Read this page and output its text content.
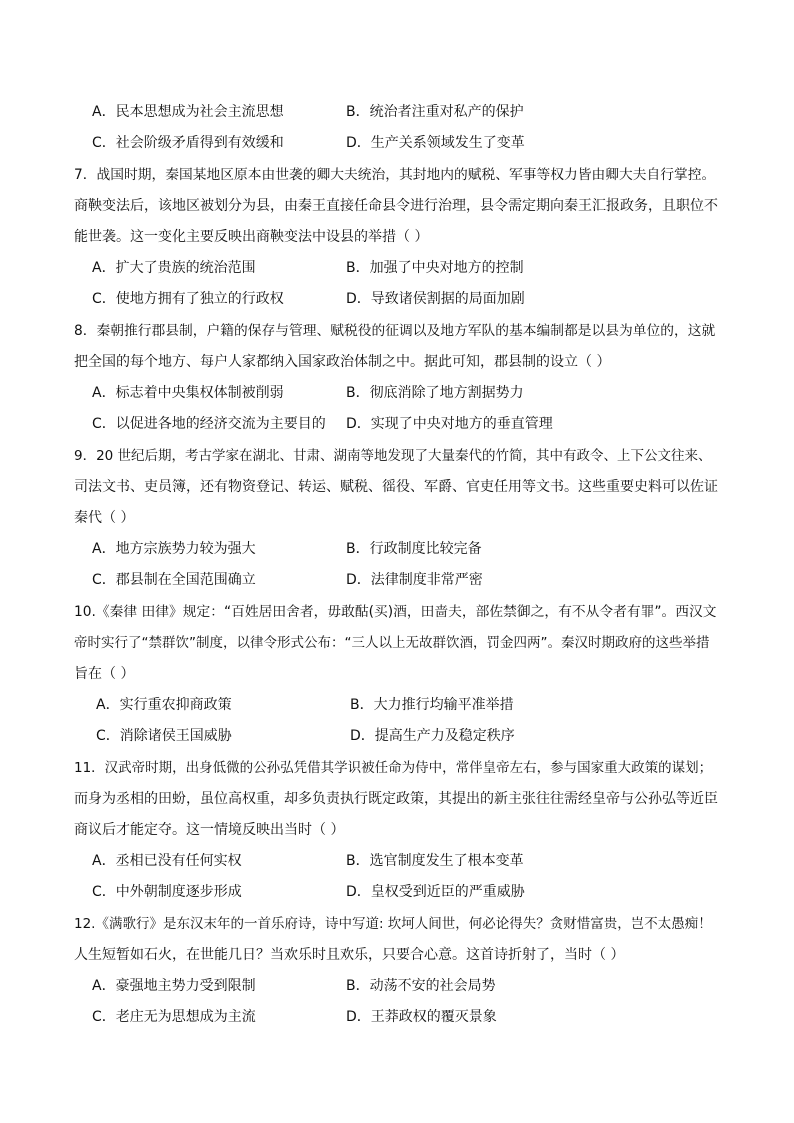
A．民本思想成为社会主流思想	B．统治者注重对私产的保护
C．社会阶级矛盾得到有效缓和	D．生产关系领域发生了变革
7．战国时期，秦国某地区原本由世袭的卿大夫统治，其封地内的赋税、军事等权力皆由卿大夫自行掌控。
商鞅变法后，该地区被划分为县，由秦王直接任命县令进行治理，县令需定期向秦王汇报政务，且职位不
能世袭。这一变化主要反映出商鞅变法中设县的举措（ ）
A．扩大了贵族的统治范围	B．加强了中央对地方的控制
C．使地方拥有了独立的行政权	D．导致诸侯割据的局面加剧
8．秦朝推行郡县制，户籍的保存与管理、赋税役的征调以及地方军队的基本编制都是以县为单位的，这就
把全国的每个地方、每户人家都纳入国家政治体制之中。据此可知，郡县制的设立（ ）
A．标志着中央集权体制被削弱	B．彻底消除了地方割据势力
C．以促进各地的经济交流为主要目的 D．实现了中央对地方的垂直管理
9．20 世纪后期，考古学家在湖北、甘肃、湖南等地发现了大量秦代的竹简，其中有政令、上下公文往来、
司法文书、吏员簿，还有物资登记、转运、赋税、徭役、军爵、官吏任用等文书。这些重要史料可以佐证
秦代（ ）
A．地方宗族势力较为强大	B．行政制度比较完备
C．郡县制在全国范围确立	D．法律制度非常严密
10.《秦律 田律》规定：“百姓居田舍者，毋敢酤(买)酒，田啬夫，部佐禁御之，有不从令者有罪”。西汉文
帝时实行了“禁群饮”制度，以律令形式公布：“三人以上无故群饮酒，罚金四两”。秦汉时期政府的这些举措
旨在（ ）
A．实行重农抑商政策	B．大力推行均输平准举措
C．消除诸侯王国威胁	D．提高生产力及稳定秩序
11．汉武帝时期，出身低微的公孙弘凭借其学识被任命为侍中，常伴皇帝左右，参与国家重大政策的谋划；
而身为丞相的田蚡，虽位高权重，却多负责执行既定政策，其提出的新主张往往需经皇帝与公孙弘等近臣
商议后才能定夺。这一情境反映出当时（ ）
A．丞相已没有任何实权	B．选官制度发生了根本变革
C．中外朝制度逐步形成	D．皇权受到近臣的严重威胁
12.《满歌行》是东汉末年的一首乐府诗，诗中写道: 坎坷人间世，何必论得失？贪财惜富贵，岂不太愚痴！
人生短暂如石火，在世能几日？当欢乐时且欢乐，只要合心意。这首诗折射了，当时（ ）
A．豪强地主势力受到限制	B．动荡不安的社会局势
C．老庄无为思想成为主流	D．王莽政权的覆灭景象
